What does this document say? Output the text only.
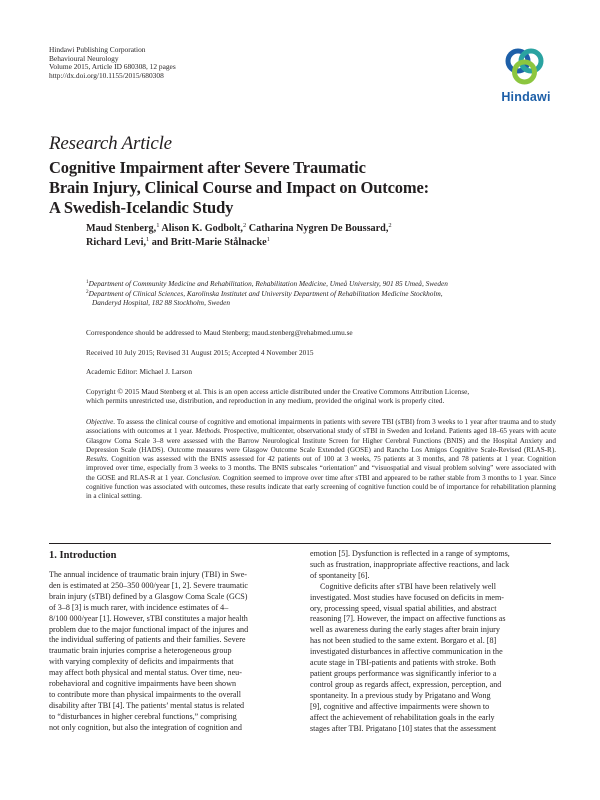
Hindawi Publishing Corporation
Behavioural Neurology
Volume 2015, Article ID 680308, 12 pages
http://dx.doi.org/10.1155/2015/680308
Hindawi
Research Article
Cognitive Impairment after Severe Traumatic
Brain Injury, Clinical Course and Impact on Outcome:
A Swedish-Icelandic Study
Maud Stenberg,$^1$ Alison K. Godbolt,$^2$ Catharina Nygren De Boussard,$^2$
Richard Levi,$^1$ and Britt-Marie Stålnacke$^1$
$^1$Department of Community Medicine and Rehabilitation, Rehabilitation Medicine, Umeå University, 901 85 Umeå, Sweden
$^2$Department of Clinical Sciences, Karolinska Institutet and University Department of Rehabilitation Medicine Stockholm,
Danderyd Hospital, 182 88 Stockholm, Sweden
Correspondence should be addressed to Maud Stenberg; maud.stenberg@rehabmed.umu.se
Received 10 July 2015; Revised 31 August 2015; Accepted 4 November 2015
Academic Editor: Michael J. Larson
Copyright © 2015 Maud Stenberg et al. This is an open access article distributed under the Creative Commons Attribution License,
which permits unrestricted use, distribution, and reproduction in any medium, provided the original work is properly cited.
Objective. To assess the clinical course of cognitive and emotional impairments in patients with severe TBI (sTBI) from 3 weeks to 1 year after trauma and to study associations with outcomes at 1 year. Methods. Prospective, multicenter, observational study of sTBI in Sweden and Iceland. Patients aged 18–65 years with acute Glasgow Coma Scale 3–8 were assessed with the Barrow Neurological Institute Screen for Higher Cerebral Functions (BNIS) and the Hospital Anxiety and Depression Scale (HADS). Outcome measures were Glasgow Outcome Scale Extended (GOSE) and Rancho Los Amigos Cognitive Scale-Revised (RLAS-R). Results. Cognition was assessed with the BNIS assessed for 42 patients out of 100 at 3 weeks, 75 patients at 3 months, and 78 patients at 1 year. Cognition improved over time, especially from 3 weeks to 3 months. The BNIS subscales “orientation” and “visuospatial and visual problem solving” were associated with the GOSE and RLAS-R at 1 year. Conclusion. Cognition seemed to improve over time after sTBI and appeared to be rather stable from 3 months to 1 year. Since cognitive function was associated with outcomes, these results indicate that early screening of cognitive function could be of importance for rehabilitation planning in a clinical setting.
1. Introduction
The annual incidence of traumatic brain injury (TBI) in Swe-
den is estimated at 250–350 000/year [1, 2]. Severe traumatic
brain injury (sTBI) defined by a Glasgow Coma Scale (GCS)
of 3–8 [3] is much rarer, with incidence estimates of 4–
8/100 000/year [1]. However, sTBI constitutes a major health
problem due to the major functional impact of the injures and
the individual suffering of patients and their families. Severe
traumatic brain injuries comprise a heterogeneous group
with varying complexity of deficits and impairments that
may affect both physical and mental status. Over time, neu-
robehavioral and cognitive impairments have been shown
to contribute more than physical impairments to the overall
disability after TBI [4]. The patients’ mental status is related
to “disturbances in higher cerebral functions,” comprising
not only cognition, but also the integration of cognition and
emotion [5]. Dysfunction is reflected in a range of symptoms,
such as frustration, inappropriate affective reactions, and lack
of spontaneity [6].
Cognitive deficits after sTBI have been relatively well
investigated. Most studies have focused on deficits in mem-
ory, processing speed, visual spatial abilities, and abstract
reasoning [7]. However, the impact on affective functions as
well as awareness during the early stages after brain injury
has not been studied to the same extent. Borgaro et al. [8]
investigated disturbances in affective communication in the
acute stage in TBI-patients and patients with stroke. Both
patient groups performance was significantly inferior to a
control group as regards affect, expression, perception, and
spontaneity. In a previous study by Prigatano and Wong
[9], cognitive and affective impairments were shown to
affect the achievement of rehabilitation goals in the early
stages after TBI. Prigatano [10] states that the assessment
